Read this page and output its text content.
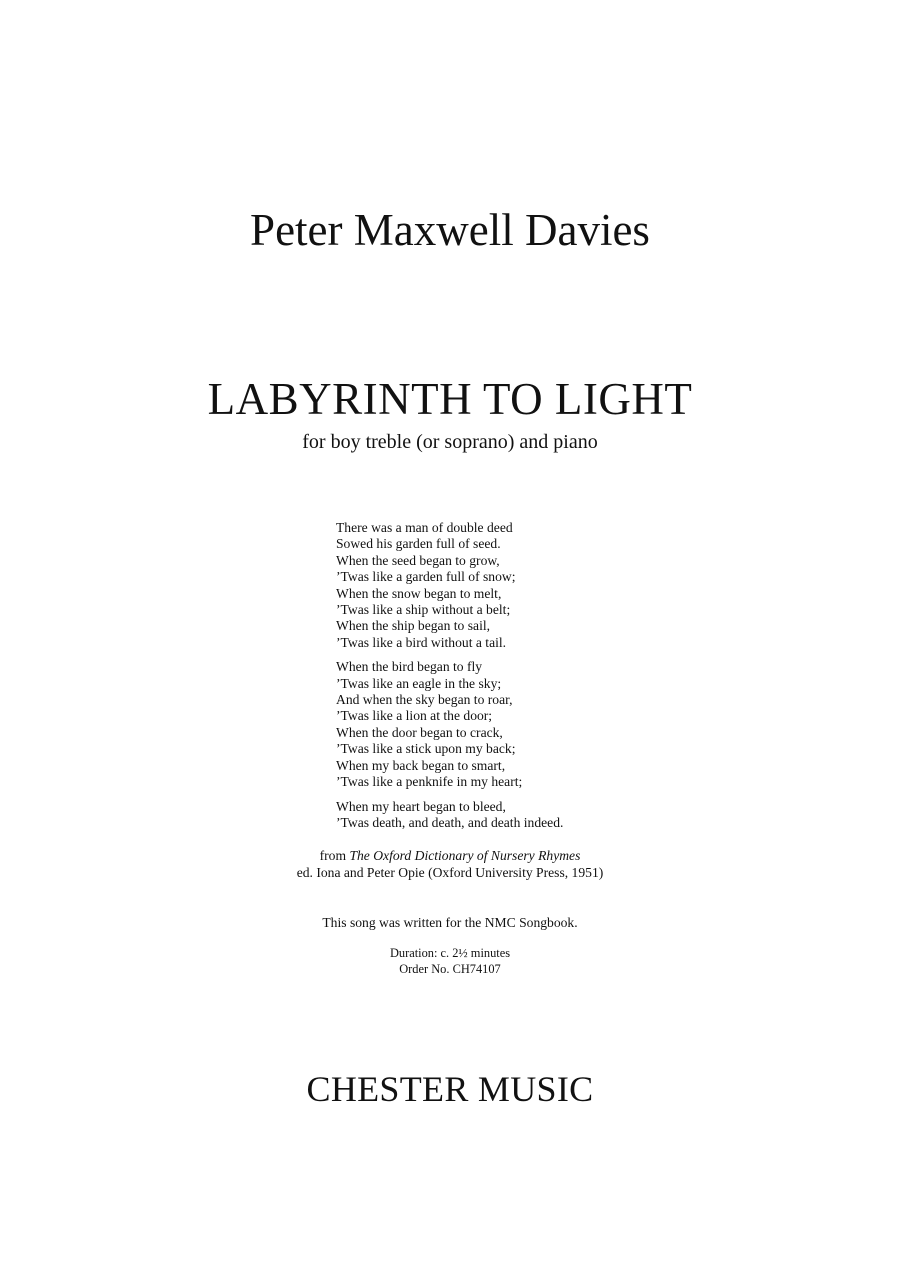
Peter Maxwell Davies
LABYRINTH TO LIGHT
for boy treble (or soprano) and piano
There was a man of double deed
Sowed his garden full of seed.
When the seed began to grow,
’Twas like a garden full of snow;
When the snow began to melt,
’Twas like a ship without a belt;
When the ship began to sail,
’Twas like a bird without a tail.
When the bird began to fly
’Twas like an eagle in the sky;
And when the sky began to roar,
’Twas like a lion at the door;
When the door began to crack,
’Twas like a stick upon my back;
When my back began to smart,
’Twas like a penknife in my heart;
When my heart began to bleed,
’Twas death, and death, and death indeed.
from The Oxford Dictionary of Nursery Rhymes
ed. Iona and Peter Opie (Oxford University Press, 1951)
This song was written for the NMC Songbook.
Duration: c. 2½ minutes
Order No. CH74107
CHESTER MUSIC
